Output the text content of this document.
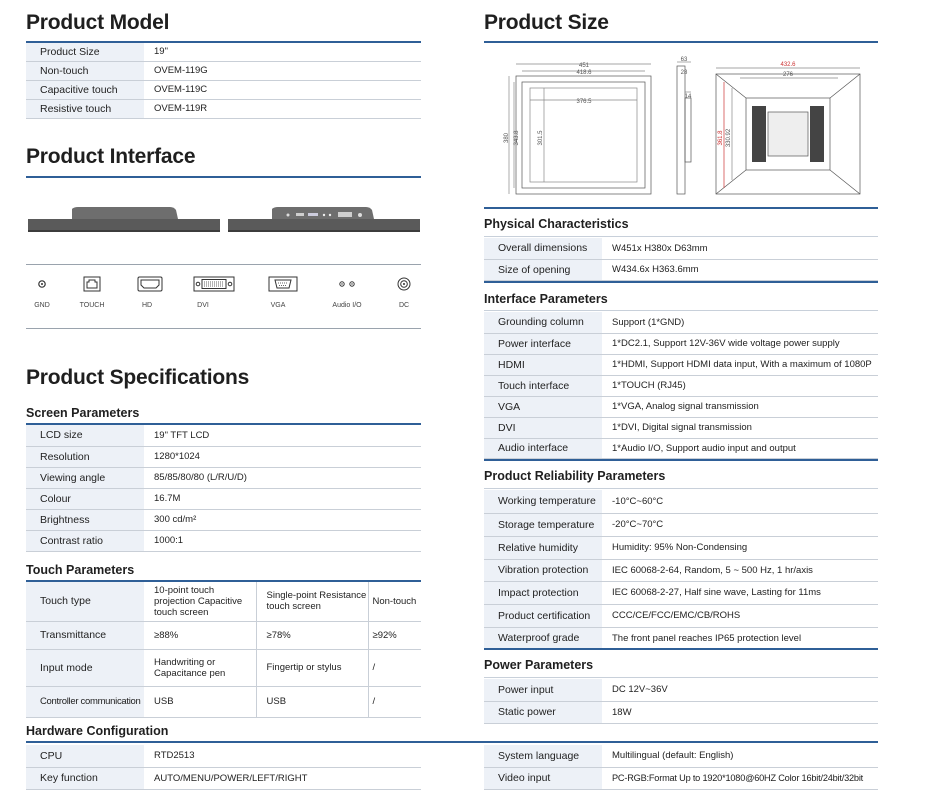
Product Model
Product Size	19"
Non-touch	OVEM-119G
Capacitive touch	OVEM-119C
Resistive touch	OVEM-119R
Product Interface
GND	TOUCH	HD	DVI	VGA	Audio I/O	DC
Product Specifications
Screen Parameters
LCD size	19" TFT LCD
Resolution	1280*1024
Viewing angle	85/85/80/80 (L/R/U/D)
Colour	16.7M
Brightness	300 cd/m²
Contrast ratio	1000:1
Touch Parameters
Touch type	10-point touch projection Capacitive touch screen	Single-point Resistance touch screen	Non-touch
Transmittance	≥88%	≥78%	≥92%
Input mode	Handwriting or Capacitance pen	Fingertip or stylus	/
Controller communication	USB	USB	/
Hardware Configuration
CPU	RTD2513
Key function	AUTO/MENU/POWER/LEFT/RIGHT
System language	Multilingual (default: English)
Video input	PC-RGB:Format Up to 1920*1080@60HZ Color 16bit/24bit/32bit
Product Size
451
418.6
376.5
63
28
14
380 343.8	301.5
432.6
276
361.8 330.92
Physical Characteristics
Overall dimensions	W451x H380x D63mm
Size of opening	W434.6x H363.6mm
Interface Parameters
Grounding column	Support (1*GND)
Power interface	1*DC2.1, Support 12V-36V wide voltage power supply
HDMI	1*HDMI, Support HDMI data input, With a maximum of 1080P
Touch interface	1*TOUCH (RJ45)
VGA	1*VGA, Analog signal transmission
DVI	1*DVI, Digital signal transmission
Audio interface	1*Audio I/O, Support audio input and output
Product Reliability Parameters
Working temperature	-10°C~60°C
Storage temperature	-20°C~70°C
Relative humidity	Humidity: 95% Non-Condensing
Vibration protection	IEC 60068-2-64, Random, 5 ~ 500 Hz, 1 hr/axis
Impact protection	IEC 60068-2-27, Half sine wave, Lasting for 11ms
Product certification	CCC/CE/FCC/EMC/CB/ROHS
Waterproof grade	The front panel reaches IP65 protection level
Power Parameters
Power input	DC 12V~36V
Static power	18W
